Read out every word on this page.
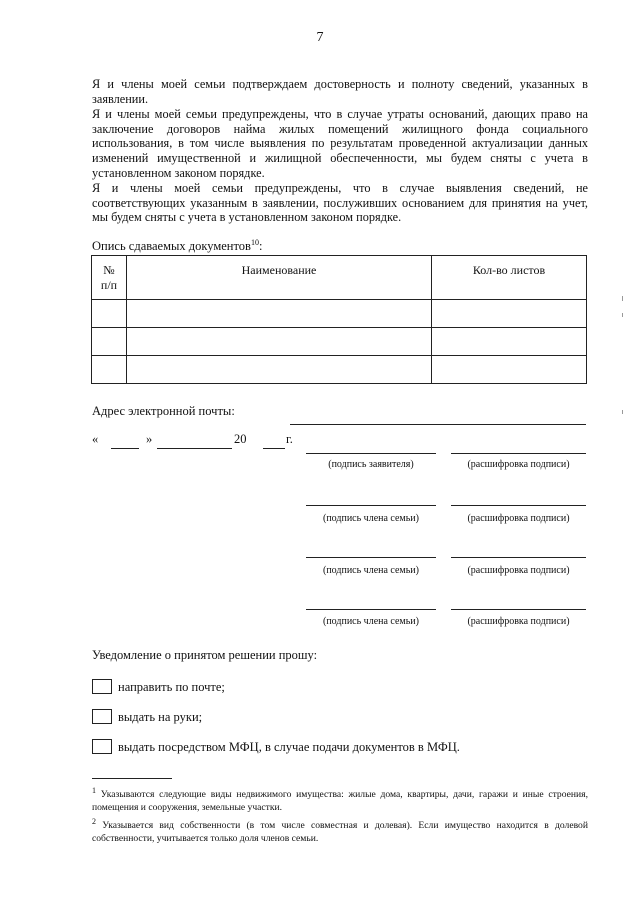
7
Я и члены моей семьи подтверждаем достоверность и полноту сведений, указанных в заявлении.
Я и члены моей семьи предупреждены, что в случае утраты оснований, дающих право на заключение договоров найма жилых помещений жилищного фонда социального использования, в том числе выявления по результатам проведенной актуализации данных изменений имущественной и жилищной обеспеченности, мы будем сняты с учета в установленном законом порядке.
Я и члены моей семьи предупреждены, что в случае выявления сведений, не соответствующих указанным в заявлении, послуживших основанием для принятия на учет, мы будем сняты с учета в установленном законом порядке.
Опись сдаваемых документов$^{10}$:
№
п/п	Наименование	Кол-во листов

Адрес электронной почты:
«	»	20	г.
(подпись заявителя)	(расшифровка подписи)
(подпись члена семьи)	(расшифровка подписи)
(подпись члена семьи)	(расшифровка подписи)
(подпись члена семьи)	(расшифровка подписи)
Уведомление о принятом решении прошу:
направить по почте;
выдать на руки;
выдать посредством МФЦ, в случае подачи документов в МФЦ.
$^1$ Указываются следующие виды недвижимого имущества: жилые дома, квартиры, дачи, гаражи и иные строения, помещения и сооружения, земельные участки.
$^2$ Указывается вид собственности (в том числе совместная и долевая). Если имущество находится в долевой собственности, учитывается только доля членов семьи.
